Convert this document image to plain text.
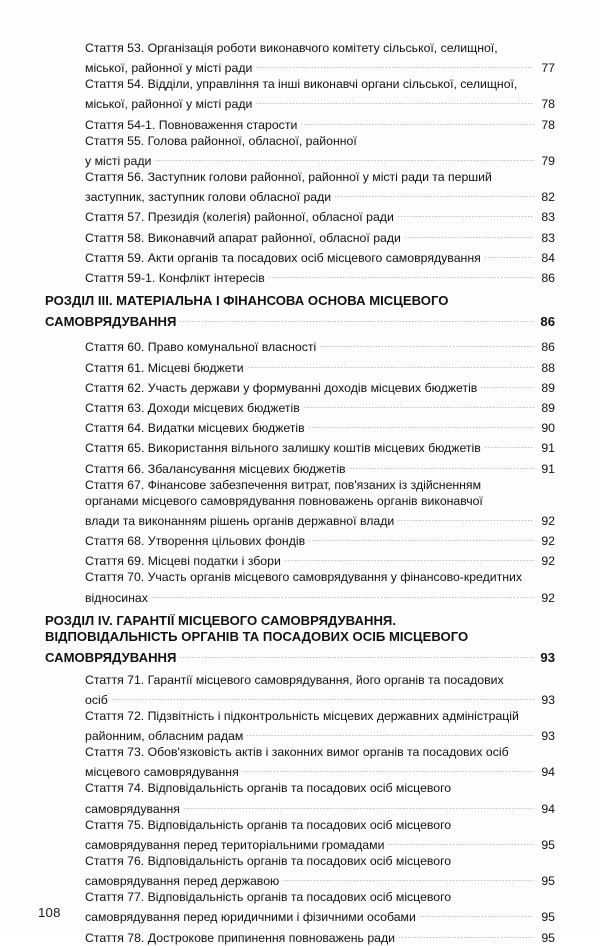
Стаття 53. Організація роботи виконавчого комітету сільської, селищної,
міської, районної у місті ради	77
Стаття 54. Відділи, управління та інші виконавчі органи сільської, селищної,
міської, районної у місті ради	78
Стаття 54-1. Повноваження старости	78
Стаття 55. Голова районної, обласної, районної
у місті ради	79
Стаття 56. Заступник голови районної, районної у місті ради та перший
заступник, заступник голови обласної ради	82
Стаття 57. Президія (колегія) районної, обласної ради	83
Стаття 58. Виконавчий апарат районної, обласної ради	83
Стаття 59. Акти органів та посадових осіб місцевого самоврядування	84
Стаття 59-1. Конфлікт інтересів	86
РОЗДІЛ III. МАТЕРІАЛЬНА І ФІНАНСОВА ОСНОВА МІСЦЕВОГО
САМОВРЯДУВАННЯ	86
Стаття 60. Право комунальної власності	86
Стаття 61. Місцеві бюджети	88
Стаття 62. Участь держави у формуванні доходів місцевих бюджетів	89
Стаття 63. Доходи місцевих бюджетів	89
Стаття 64. Видатки місцевих бюджетів	90
Стаття 65. Використання вільного залишку коштів місцевих бюджетів	91
Стаття 66. Збалансування місцевих бюджетів	91
Стаття 67. Фінансове забезпечення витрат, пов'язаних із здійсненням
органами місцевого самоврядування повноважень органів виконавчої
влади та виконанням рішень органів державної влади	92
Стаття 68. Утворення цільових фондів	92
Стаття 69. Місцеві податки і збори	92
Стаття 70. Участь органів місцевого самоврядування у фінансово-кредитних
відносинах	92
РОЗДІЛ IV. ГАРАНТІЇ МІСЦЕВОГО САМОВРЯДУВАННЯ.
ВІДПОВІДАЛЬНІСТЬ ОРГАНІВ ТА ПОСАДОВИХ ОСІБ МІСЦЕВОГО
САМОВРЯДУВАННЯ	93
Стаття 71. Гарантії місцевого самоврядування, його органів та посадових
осіб	93
Стаття 72. Підзвітність і підконтрольність місцевих державних адміністрацій
районним, обласним радам	93
Стаття 73. Обов'язковість актів і законних вимог органів та посадових осіб
місцевого самоврядування	94
Стаття 74. Відповідальність органів та посадових осіб місцевого
самоврядування	94
Стаття 75. Відповідальність органів та посадових осіб місцевого
самоврядування перед територіальними громадами	95
Стаття 76. Відповідальність органів та посадових осіб місцевого
самоврядування перед державою	95
Стаття 77. Відповідальність органів та посадових осіб місцевого
самоврядування перед юридичними і фізичними особами	95
Стаття 78. Дострокове припинення повноважень ради	95
108
